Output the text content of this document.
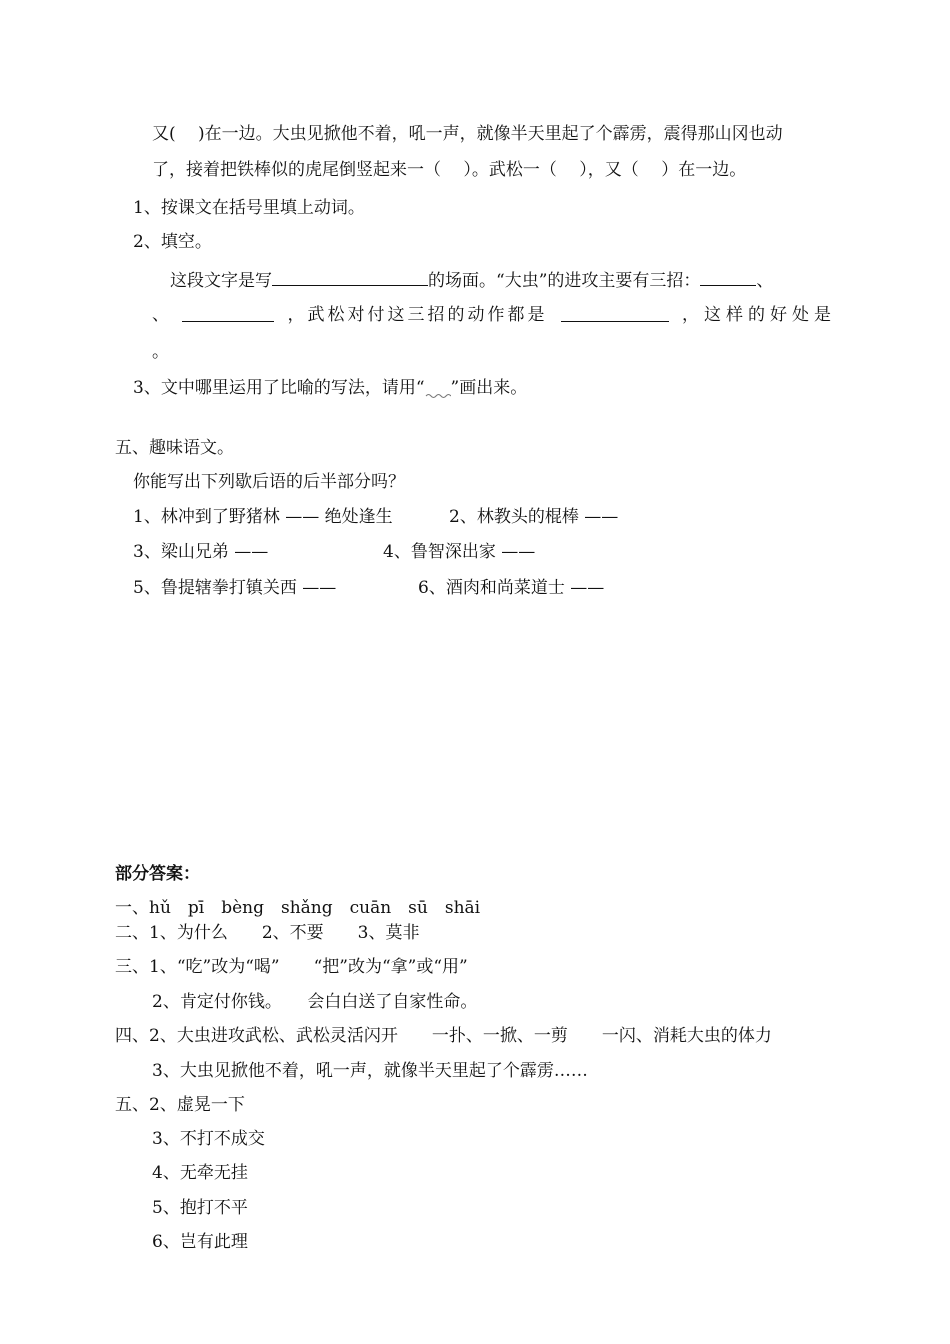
又(　 )在一边。大虫见掀他不着，吼一声，就像半天里起了个霹雳，震得那山冈也动
了，接着把铁棒似的虎尾倒竖起来一（　 ）。武松一（　 ），又（　 ）在一边。
1、按课文在括号里填上动词。
2、填空。
这段文字是写	的场面。“大虫”的进攻主要有三招：	、
、	，武松对付这三招的动作都是	，这样的好处是
。
3、文中哪里运用了比喻的写法，请用“ ”画出来。
五、趣味语文。
你能写出下列歇后语的后半部分吗？
1、林冲到了野猪林 —— 绝处逢生	2、林教头的棍棒 ——
3、梁山兄弟 ——	4、鲁智深出家 ——
5、鲁提辖拳打镇关西 ——	6、酒肉和尚菜道士 ——
部分答案：
一、hǔ　pī　bèng　shǎng　cuān　sū　shāi
二、1、为什么　　2、不要　　3、莫非
三、1、“吃”改为“喝”　　“把”改为“拿”或“用”
2、肯定付你钱。　　会白白送了自家性命。
四、2、大虫进攻武松、武松灵活闪开　　一扑、一掀、一剪　　一闪、消耗大虫的体力
3、大虫见掀他不着，吼一声，就像半天里起了个霹雳……
五、2、虚晃一下
3、不打不成交
4、无牵无挂
5、抱打不平
6、岂有此理
